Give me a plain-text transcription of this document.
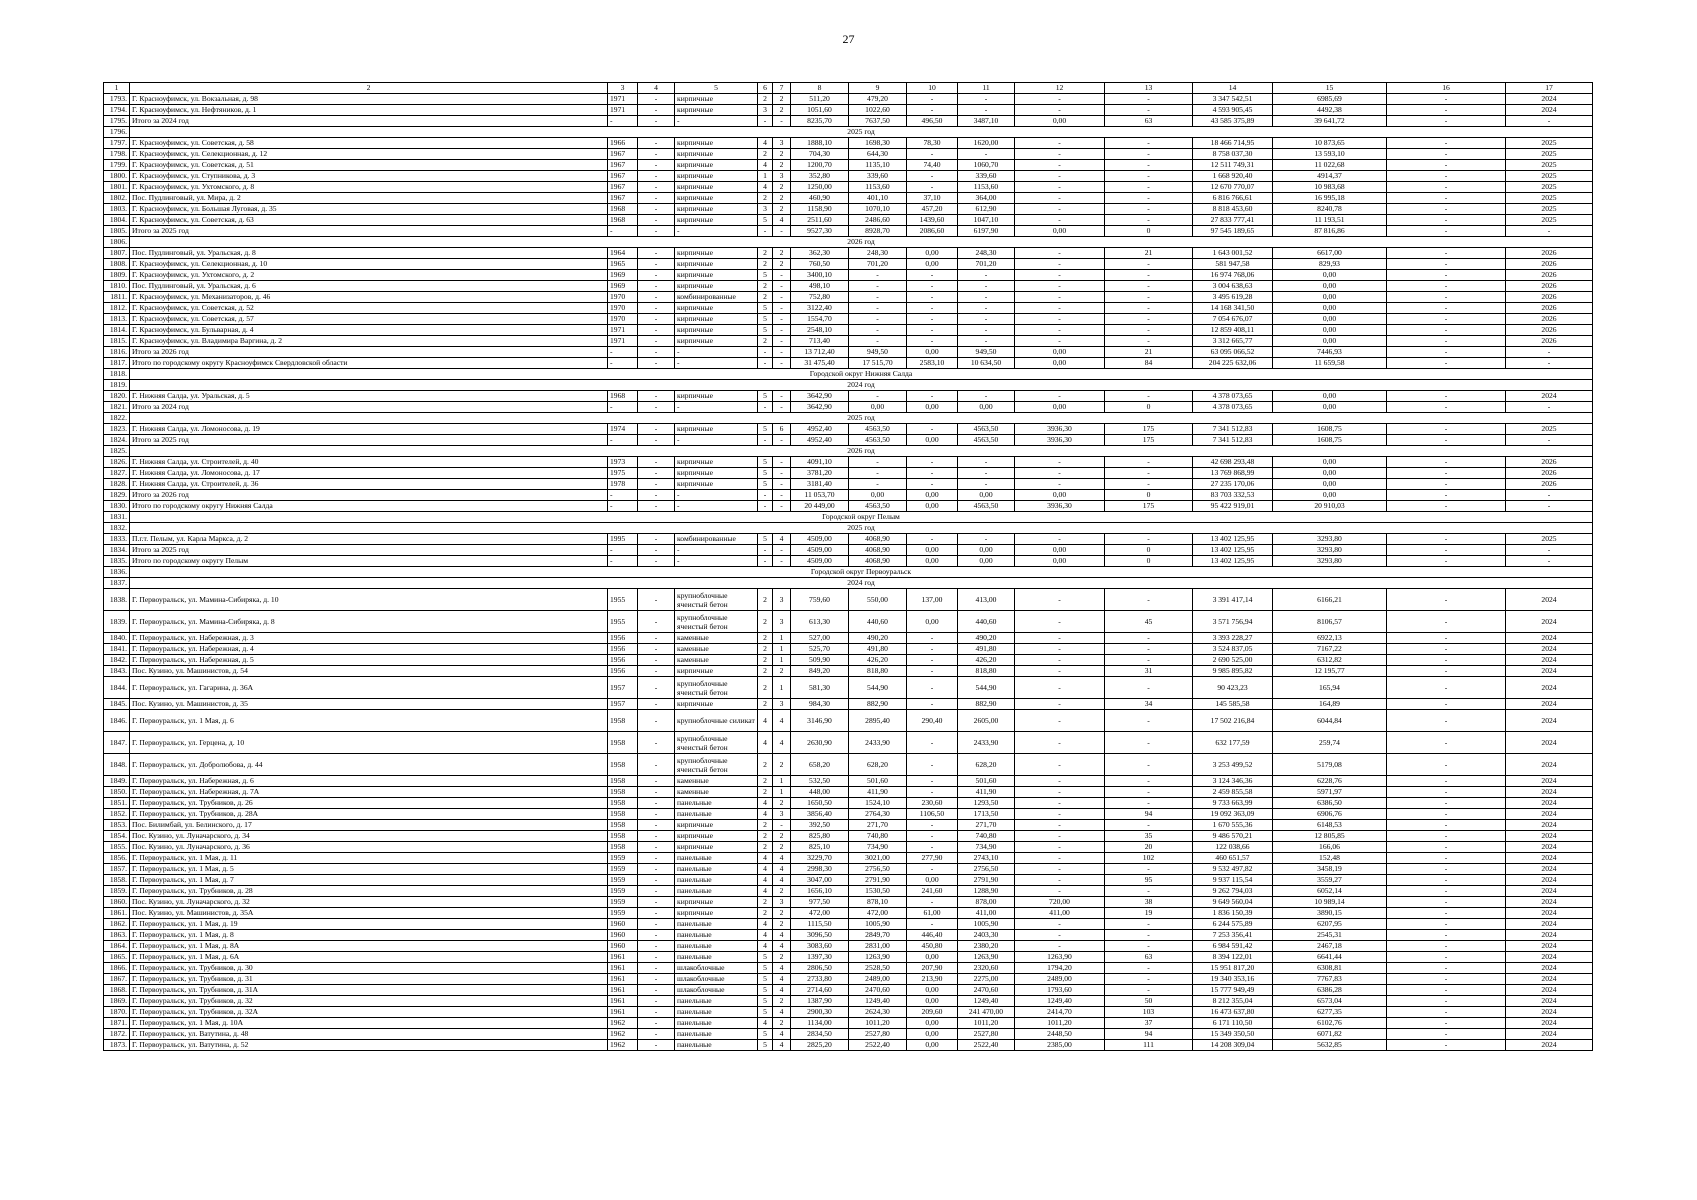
27
1	2	3	4	5	6	7	8	9	10	11	12	13	14	15	16	17
1793.	Г. Красноуфимск, ул. Вокзальная, д. 98	1971	-	кирпичные	2	2	511,20	479,20	-	-	-	-	3 347 542,51	6985,69	-	2024
1794.	Г. Красноуфимск, ул. Нефтяников, д. 1	1971	-	кирпичные	3	2	1051,60	1022,60	-	-	-	-	4 593 905,45	4492,38	-	2024
1795.	Итого за 2024 год	-	-	-	-	-	8235,70	7637,50	496,50	3487,10	0,00	63	43 585 375,89	39 641,72	-	-
1796.	2025 год															
1797.	Г. Красноуфимск, ул. Советская, д. 58	1966	-	кирпичные	4	3	1888,10	1698,30	78,30	1620,00	-	-	18 466 714,95	10 873,65	-	2025
1798.	Г. Красноуфимск, ул. Селекционная, д. 12	1967	-	кирпичные	2	2	704,30	644,30	-	-	-	-	8 758 037,30	13 593,10	-	2025
1799.	Г. Красноуфимск, ул. Советская, д. 51	1967	-	кирпичные	4	2	1200,70	1135,10	74,40	1060,70	-	-	12 511 749,31	11 022,68	-	2025
1800.	Г. Красноуфимск, ул. Ступникова, д. 3	1967	-	кирпичные	1	3	352,80	339,60	-	339,60	-	-	1 668 920,40	4914,37	-	2025
1801.	Г. Красноуфимск, ул. Ухтомского, д. 8	1967	-	кирпичные	4	2	1250,00	1153,60	-	1153,60	-	-	12 670 770,07	10 983,68	-	2025
1802.	Пос. Пудлинговый, ул. Мира, д. 2	1967	-	кирпичные	2	2	460,90	401,10	37,10	364,00	-	-	6 816 766,61	16 995,18	-	2025
1803.	Г. Красноуфимск, ул. Большая Луговая, д. 35	1968	-	кирпичные	3	2	1158,90	1070,10	457,20	612,90	-	-	8 818 453,60	8240,78	-	2025
1804.	Г. Красноуфимск, ул. Советская, д. 63	1968	-	кирпичные	5	4	2511,60	2486,60	1439,60	1047,10	-	-	27 833 777,41	11 193,51	-	2025
1805.	Итого за 2025 год	-	-	-	-	-	9527,30	8928,70	2086,60	6197,90	0,00	0	97 545 189,65	87 816,86	-	-
1806.	2026 год															
1807.	Пос. Пудлинговый, ул. Уральская, д. 8	1964	-	кирпичные	2	2	362,30	248,30	0,00	248,30	-	21	1 643 001,52	6617,00	-	2026
1808.	Г. Красноуфимск, ул. Селекционная, д. 10	1965	-	кирпичные	2	2	760,50	701,20	0,00	701,20	-	-	581 947,58	829,93	-	2026
1809.	Г. Красноуфимск, ул. Ухтомского, д. 2	1969	-	кирпичные	5	-	3400,10	-	-	-	-	-	16 974 768,06	0,00	-	2026
1810.	Пос. Пудлинговый, ул. Уральская, д. 6	1969	-	кирпичные	2	-	498,10	-	-	-	-	-	3 004 638,63	0,00	-	2026
1811.	Г. Красноуфимск, ул. Механизаторов, д. 46	1970	-	комбинированные	2	-	752,80	-	-	-	-	-	3 495 619,28	0,00	-	2026
1812.	Г. Красноуфимск, ул. Советская, д. 52	1970	-	кирпичные	5	-	3122,40	-	-	-	-	-	14 168 341,50	0,00	-	2026
1813.	Г. Красноуфимск, ул. Советская, д. 57	1970	-	кирпичные	5	-	1554,70	-	-	-	-	-	7 054 676,07	0,00	-	2026
1814.	Г. Красноуфимск, ул. Бульварная, д. 4	1971	-	кирпичные	5	-	2548,10	-	-	-	-	-	12 859 408,11	0,00	-	2026
1815.	Г. Красноуфимск, ул. Владимира Варгина, д. 2	1971	-	кирпичные	2	-	713,40	-	-	-	-	-	3 312 665,77	0,00	-	2026
1816.	Итого за 2026 год	-	-	-	-	-	13 712,40	949,50	0,00	949,50	0,00	21	63 095 066,52	7446,93	-	-
1817.	Итого по городскому округу Красноуфимск Свердловской области	-	-	-	-	-	31 475,40	17 515,70	2583,10	10 634,50	0,00	84	204 225 632,06	11 659,58	-	-
1818.	Городской округ Нижняя Салда															
1819.	2024 год															
1820.	Г. Нижняя Салда, ул. Уральская, д. 5	1968	-	кирпичные	5	-	3642,90	-	-	-	-	-	4 378 073,65	0,00	-	2024
1821.	Итого за 2024 год	-	-	-	-	-	3642,90	0,00	0,00	0,00	0,00	0	4 378 073,65	0,00	-	-
1822.	2025 год															
1823.	Г. Нижняя Салда, ул. Ломоносова, д. 19	1974	-	кирпичные	5	6	4952,40	4563,50	-	4563,50	3936,30	175	7 341 512,83	1608,75	-	2025
1824.	Итого за 2025 год	-	-	-	-	-	4952,40	4563,50	0,00	4563,50	3936,30	175	7 341 512,83	1608,75	-	-
1825.	2026 год															
1826.	Г. Нижняя Салда, ул. Строителей, д. 40	1973	-	кирпичные	5	-	4091,10	-	-	-	-	-	42 698 293,48	0,00	-	2026
1827.	Г. Нижняя Салда, ул. Ломоносова, д. 17	1975	-	кирпичные	5	-	3781,20	-	-	-	-	-	13 769 868,99	0,00	-	2026
1828.	Г. Нижняя Салда, ул. Строителей, д. 36	1978	-	кирпичные	5	-	3181,40	-	-	-	-	-	27 235 170,06	0,00	-	2026
1829.	Итого за 2026 год	-	-	-	-	-	11 053,70	0,00	0,00	0,00	0,00	0	83 703 332,53	0,00	-	-
1830.	Итого по городскому округу Нижняя Салда	-	-	-	-	-	20 449,00	4563,50	0,00	4563,50	3936,30	175	95 422 919,01	20 910,03	-	-
1831.	Городской округ Пелым															
1832.	2025 год															
1833.	П.г.т. Пелым, ул. Карла Маркса, д. 2	1995	-	комбинированные	5	4	4509,00	4068,90	-	-	-	-	13 402 125,95	3293,80	-	2025
1834.	Итого за 2025 год	-	-	-	-	-	4509,00	4068,90	0,00	0,00	0,00	0	13 402 125,95	3293,80	-	-
1835.	Итого по городскому округу Пелым	-	-	-	-	-	4509,00	4068,90	0,00	0,00	0,00	0	13 402 125,95	3293,80	-	-
1836.	Городской округ Первоуральск															
1837.	2024 год															
1838.	Г. Первоуральск, ул. Мамина-Сибиряка, д. 10	1955	-	крупноблочные ячеистый бетон	2	3	759,60	550,00	137,00	413,00	-	-	3 391 417,14	6166,21	-	2024
1839.	Г. Первоуральск, ул. Мамина-Сибиряка, д. 8	1955	-	крупноблочные ячеистый бетон	2	3	613,30	440,60	0,00	440,60	-	45	3 571 756,94	8106,57	-	2024
1840.	Г. Первоуральск, ул. Набережная, д. 3	1956	-	каменные	2	1	527,00	490,20	-	490,20	-	-	3 393 228,27	6922,13	-	2024
1841.	Г. Первоуральск, ул. Набережная, д. 4	1956	-	каменные	2	1	525,70	491,80	-	491,80	-	-	3 524 837,05	7167,22	-	2024
1842.	Г. Первоуральск, ул. Набережная, д. 5	1956	-	каменные	2	1	509,90	426,20	-	426,20	-	-	2 690 525,00	6312,82	-	2024
1843.	Пос. Кузино, ул. Машинистов, д. 54	1956	-	кирпичные	2	2	849,20	818,80	-	818,80	-	31	9 985 895,82	12 195,77	-	2024
1844.	Г. Первоуральск, ул. Гагарина, д. 36А	1957	-	крупноблочные ячеистый бетон	2	1	581,30	544,90	-	544,90	-	-	90 423,23	165,94	-	2024
1845.	Пос. Кузино, ул. Машинистов, д. 35	1957	-	кирпичные	2	3	984,30	882,90	-	882,90	-	34	145 585,58	164,89	-	2024
1846.	Г. Первоуральск, ул. 1 Мая, д. 6	1958	-	крупноблочные силикат	4	4	3146,90	2895,40	290,40	2605,00	-	-	17 502 216,84	6044,84	-	2024
1847.	Г. Первоуральск, ул. Герцена, д. 10	1958	-	крупноблочные ячеистый бетон	4	4	2630,90	2433,90	-	2433,90	-	-	632 177,59	259,74	-	2024
1848.	Г. Первоуральск, ул. Добролюбова, д. 44	1958	-	крупноблочные ячеистый бетон	2	2	658,20	628,20	-	628,20	-	-	3 253 499,52	5179,08	-	2024
1849.	Г. Первоуральск, ул. Набережная, д. 6	1958	-	каменные	2	1	532,50	501,60	-	501,60	-	-	3 124 346,36	6228,76	-	2024
1850.	Г. Первоуральск, ул. Набережная, д. 7А	1958	-	каменные	2	1	448,00	411,90	-	411,90	-	-	2 459 855,58	5971,97	-	2024
1851.	Г. Первоуральск, ул. Трубников, д. 26	1958	-	панельные	4	2	1650,50	1524,10	230,60	1293,50	-	-	9 733 663,99	6386,50	-	2024
1852.	Г. Первоуральск, ул. Трубников, д. 28А	1958	-	панельные	4	3	3856,40	2764,30	1106,50	1713,50	-	94	19 092 363,09	6906,76	-	2024
1853.	Пос. Билимбай, ул. Белинского, д. 17	1958	-	кирпичные	2	-	392,50	271,70	-	271,70	-	-	1 670 555,36	6148,53	-	2024
1854.	Пос. Кузино, ул. Луначарского, д. 34	1958	-	кирпичные	2	2	825,80	740,80	-	740,80	-	35	9 486 570,21	12 805,85	-	2024
1855.	Пос. Кузино, ул. Луначарского, д. 36	1958	-	кирпичные	2	2	825,10	734,90	-	734,90	-	20	122 038,66	166,06	-	2024
1856.	Г. Первоуральск, ул. 1 Мая, д. 11	1959	-	панельные	4	4	3229,70	3021,00	277,90	2743,10	-	102	460 651,57	152,48	-	2024
1857.	Г. Первоуральск, ул. 1 Мая, д. 5	1959	-	панельные	4	4	2998,30	2756,50	-	2756,50	-	-	9 532 497,82	3458,19	-	2024
1858.	Г. Первоуральск, ул. 1 Мая, д. 7	1959	-	панельные	4	4	3047,00	2791,90	0,00	2791,90	-	95	9 937 115,54	3559,27	-	2024
1859.	Г. Первоуральск, ул. Трубников, д. 28	1959	-	панельные	4	2	1656,10	1530,50	241,60	1288,90	-	-	9 262 794,03	6052,14	-	2024
1860.	Пос. Кузино, ул. Луначарского, д. 32	1959	-	кирпичные	2	3	977,50	878,10	-	878,00	720,00	38	9 649 560,04	10 989,14	-	2024
1861.	Пос. Кузино, ул. Машинистов, д. 35А	1959	-	кирпичные	2	2	472,00	472,00	61,00	411,00	411,00	19	1 836 150,39	3890,15	-	2024
1862.	Г. Первоуральск, ул. 1 Мая, д. 19	1960	-	панельные	4	2	1115,50	1005,90	-	1005,90	-	-	6 244 575,89	6207,95	-	2024
1863.	Г. Первоуральск, ул. 1 Мая, д. 8	1960	-	панельные	4	4	3096,50	2849,70	446,40	2403,30	-	-	7 253 356,41	2545,31	-	2024
1864.	Г. Первоуральск, ул. 1 Мая, д. 8А	1960	-	панельные	4	4	3083,60	2831,00	450,80	2380,20	-	-	6 984 591,42	2467,18	-	2024
1865.	Г. Первоуральск, ул. 1 Мая, д. 6А	1961	-	панельные	5	2	1397,30	1263,90	0,00	1263,90	1263,90	63	8 394 122,01	6641,44	-	2024
1866.	Г. Первоуральск, ул. Трубников, д. 30	1961	-	шлакоблочные	5	4	2806,50	2528,50	207,90	2320,60	1794,20	-	15 951 817,20	6308,81	-	2024
1867.	Г. Первоуральск, ул. Трубников, д. 31	1961	-	шлакоблочные	5	4	2733,80	2489,00	213,90	2275,00	2489,00	-	19 340 353,16	7767,83	-	2024
1868.	Г. Первоуральск, ул. Трубников, д. 31А	1961	-	шлакоблочные	5	4	2714,60	2470,60	0,00	2470,60	1793,60	-	15 777 949,49	6386,28	-	2024
1869.	Г. Первоуральск, ул. Трубников, д. 32	1961	-	панельные	5	2	1387,90	1249,40	0,00	1249,40	1249,40	50	8 212 355,04	6573,04	-	2024
1870.	Г. Первоуральск, ул. Трубников, д. 32А	1961	-	панельные	5	4	2900,30	2624,30	209,60	241 470,00	2414,70	103	16 473 637,80	6277,35	-	2024
1871.	Г. Первоуральск, ул. 1 Мая, д. 10А	1962	-	панельные	4	2	1134,00	1011,20	0,00	1011,20	1011,20	37	6 171 110,50	6102,76	-	2024
1872.	Г. Первоуральск, ул. Ватутина, д. 48	1962	-	панельные	5	4	2834,50	2527,80	0,00	2527,80	2448,50	94	15 349 350,50	6071,82	-	2024
1873.	Г. Первоуральск, ул. Ватутина, д. 52	1962	-	панельные	5	4	2825,20	2522,40	0,00	2522,40	2385,00	111	14 208 309,04	5632,85	-	2024
